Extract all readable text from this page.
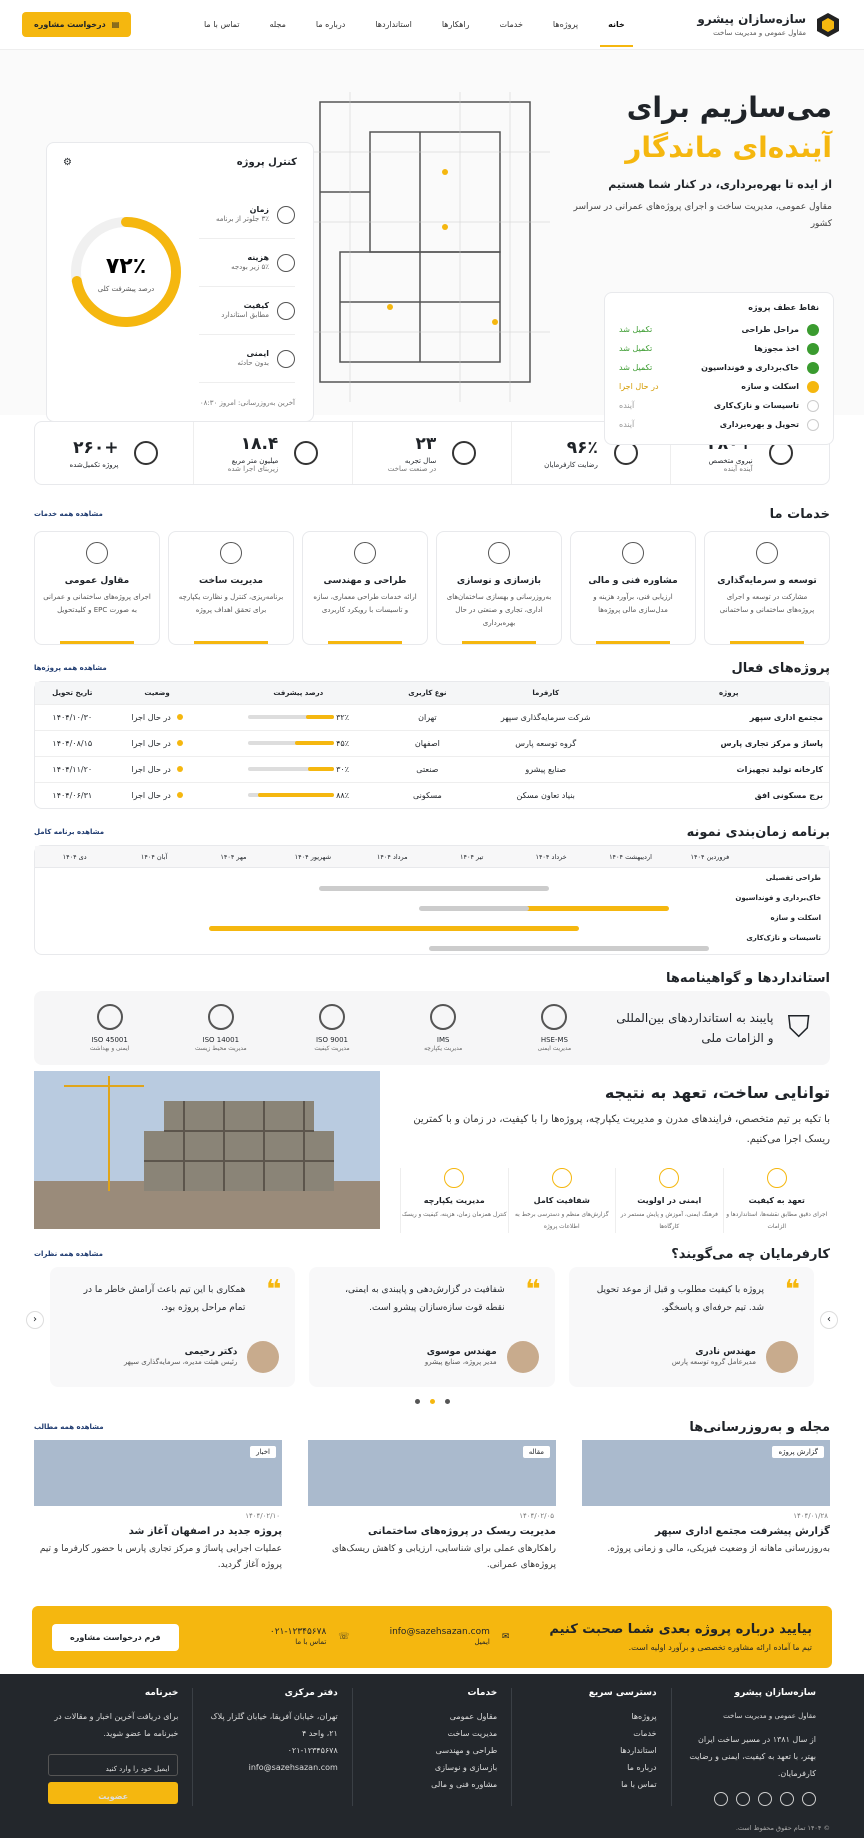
سازه‌سازان پیشرو
مقاول عمومی و مدیریت ساخت
خانه
پروژه‌ها
خدمات
راهکارها
استانداردها
درباره ما
مجله
تماس با ما
▤
درخواست مشاوره
می‌سازیم برای
آینده‌ای ماندگار
از ایده تا بهره‌برداری، در کنار شما هستیم
مقاول عمومی، مدیریت ساخت و اجرای پروژه‌های عمرانی در سراسر کشور
نقاط عطف پروژه
مراحل طراحی
تکمیل شد
اخذ مجوزها
تکمیل شد
خاک‌برداری و فونداسیون
تکمیل شد
اسکلت و سازه
در حال اجرا
تاسیسات و نازک‌کاری
آینده
تحویل و بهره‌برداری
آینده
کنترل پروژه
⚙
زمان
۳٪ جلوتر از برنامه
هزینه
۵٪ زیر بودجه
کیفیت
مطابق استاندارد
ایمنی
بدون حادثه
۷۲٪
درصد پیشرفت کلی
آخرین به‌روزرسانی: امروز ۰۸:۳۰
نیروی متخصص
آینده آینده
۹۶٪
رضایت کارفرمایان
۲۳
سال تجربه
در صنعت ساخت
۱۸.۴
میلیون متر مربع
زیربنای اجرا شده
+۲۶۰
پروژه تکمیل‌شده
خدمات ما
مشاهده همه خدمات
توسعه و سرمایه‌گذاری

مشارکت در توسعه و اجرای پروژه‌های ساختمانی و ساختمانی

مشاوره فنی و مالی

ارزیابی فنی، برآورد هزینه و مدل‌سازی مالی پروژه‌ها

بازسازی و نوسازی

به‌روزرسانی و بهسازی ساختمان‌های اداری، تجاری و صنعتی در حال بهره‌برداری

طراحی و مهندسی

ارائه خدمات طراحی معماری، سازه و تاسیسات با رویکرد کاربردی

مدیریت ساخت

برنامه‌ریزی، کنترل و نظارت یکپارچه برای تحقق اهداف پروژه

مقاول عمومی

اجرای پروژه‌های ساختمانی و عمرانی به صورت EPC و کلیدتحویل

پروژه‌های فعال
مشاهده همه پروژه‌ها
پروژه	کارفرما	نوع کاربری	درصد پیشرفت	وضعیت	تاریخ تحویل
مجتمع اداری سپهر	شرکت سرمایه‌گذاری سپهر	تهران	۳۲٪	در حال اجرا	۱۴۰۴/۱۰/۳۰
پاساژ و مرکز تجاری پارس	گروه توسعه پارس	اصفهان	۴۵٪	در حال اجرا	۱۴۰۴/۰۸/۱۵
کارخانه تولید تجهیزات	صنایع پیشرو	صنعتی	۳۰٪	در حال اجرا	۱۴۰۴/۱۱/۲۰
برج مسکونی افق	بنیاد تعاون مسکن	مسکونی	۸۸٪	در حال اجرا	۱۴۰۴/۰۶/۳۱
برنامه زمان‌بندی نمونه
مشاهده برنامه کامل
فروردین ۱۴۰۴
اردیبهشت ۱۴۰۴
خرداد ۱۴۰۴
تیر ۱۴۰۴
مرداد ۱۴۰۴
شهریور ۱۴۰۴
مهر ۱۴۰۴
آبان ۱۴۰۴
دی ۱۴۰۴
طراحی تفصیلی
خاک‌برداری و فونداسیون
اسکلت و سازه
تاسیسات و نازک‌کاری
استانداردها و گواهینامه‌ها
⛉
پایبند به استانداردهای بین‌المللی و الزامات ملی
HSE-MS
مدیریت ایمنی
IMS
مدیریت یکپارچه
ISO 9001
مدیریت کیفیت
ISO 14001
مدیریت محیط زیست
ISO 45001
ایمنی و بهداشت
توانایی ساخت، تعهد به نتیجه

با تکیه بر تیم متخصص، فرایندهای مدرن و مدیریت یکپارچه، پروژه‌ها را با کیفیت، در زمان و با کمترین ریسک اجرا می‌کنیم.

تعهد به کیفیت
اجرای دقیق مطابق نقشه‌ها، استانداردها و الزامات
ایمنی در اولویت
فرهنگ ایمنی، آموزش و پایش مستمر در کارگاه‌ها
شفافیت کامل
گزارش‌های منظم و دسترسی برخط به اطلاعات پروژه
مدیریت یکپارچه
کنترل همزمان زمان، هزینه، کیفیت و ریسک
کارفرمایان چه می‌گویند؟
مشاهده همه نظرات
❝

پروژه با کیفیت مطلوب و قبل از موعد تحویل شد. تیم حرفه‌ای و پاسخگو.

مهندس نادری
مدیرعامل گروه توسعه پارس
❝

شفافیت در گزارش‌دهی و پایبندی به ایمنی، نقطه قوت سازه‌سازان پیشرو است.

مهندس موسوی
مدیر پروژه، صنایع پیشرو
❝

همکاری با این تیم باعث آرامش خاطر ما در تمام مراحل پروژه بود.

دکتر رحیمی
رئیس هیئت مدیره، سرمایه‌گذاری سپهر
›
‹
مجله و به‌روزرسانی‌ها
مشاهده همه مطالب
گزارش پروژه
۱۴۰۴/۰۱/۲۸
گزارش پیشرفت مجتمع اداری سپهر

به‌روزرسانی ماهانه از وضعیت فیزیکی، مالی و زمانی پروژه.

مقاله
۱۴۰۴/۰۲/۰۵
مدیریت ریسک در پروژه‌های ساختمانی

راهکارهای عملی برای شناسایی، ارزیابی و کاهش ریسک‌های پروژه‌های عمرانی.

اخبار
۱۴۰۴/۰۲/۱۰
پروژه جدید در اصفهان آغاز شد

عملیات اجرایی پاساژ و مرکز تجاری پارس با حضور کارفرما و تیم پروژه آغاز گردید.

بیایید درباره پروژه بعدی شما صحبت کنیم

تیم ما آماده ارائه مشاوره تخصصی و برآورد اولیه است.

✉
info@sazehsazan.com
ایمیل
☏
۰۲۱-۱۲۳۴۵۶۷۸
تماس با ما
فرم درخواست مشاوره
سازه‌سازان پیشرو
مقاول عمومی و مدیریت ساخت
از سال ۱۳۸۱ در مسیر ساخت ایران بهتر، با تعهد به کیفیت، ایمنی و رضایت کارفرمایان.
دسترسی سریع
پروژه‌ها
خدمات
استانداردها
درباره ما
تماس با ما
خدمات
مقاول عمومی
مدیریت ساخت
طراحی و مهندسی
بازسازی و نوسازی
مشاوره فنی و مالی
دفتر مرکزی
تهران، خیابان آفریقا، خیابان گلزار پلاک ۲۱، واحد ۴
۰۲۱-۱۲۳۴۵۶۷۸
info@sazehsazan.com
خبرنامه
برای دریافت آخرین اخبار و مقالات در خبرنامه ما عضو شوید.
ایمیل خود را وارد کنید
عضویت
© ۱۴۰۴ تمام حقوق محفوظ است.
